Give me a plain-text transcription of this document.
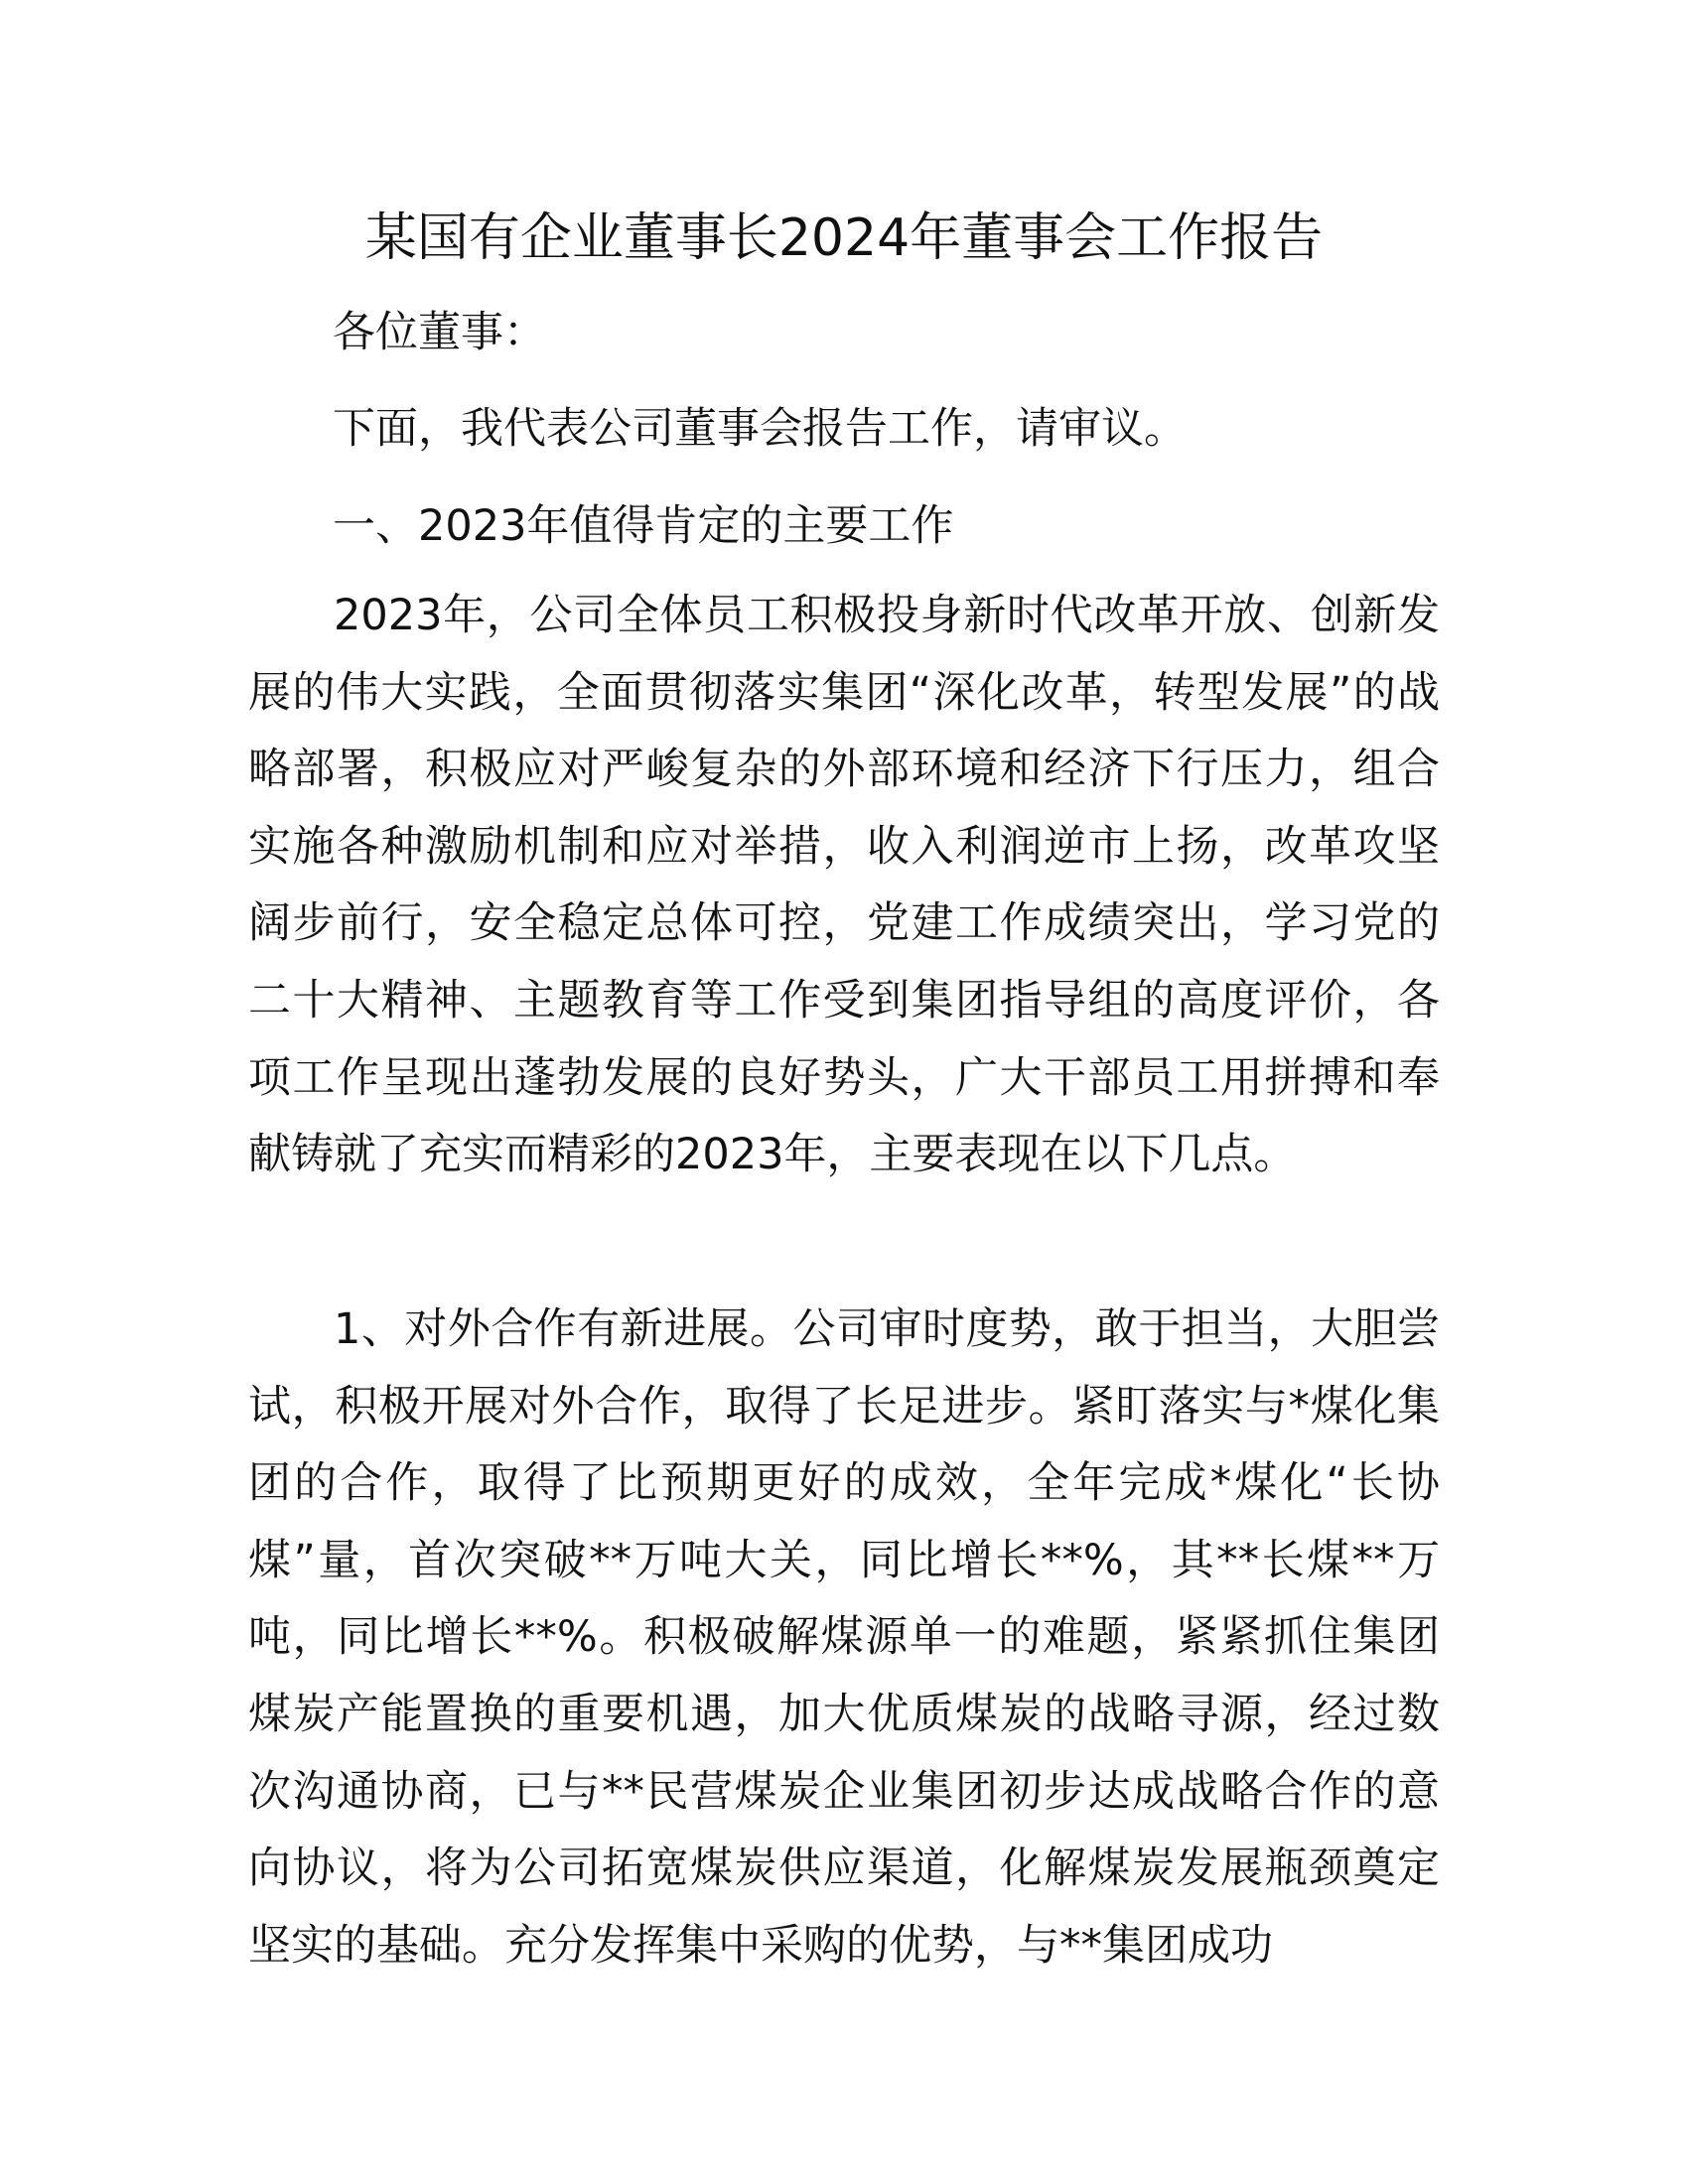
某国有企业董事长2024年董事会工作报告

各位董事：

下面，我代表公司董事会报告工作，请审议。

一、2023年值得肯定的主要工作

2023年，公司全体员工积极投身新时代改革开放、创新发展的伟大实践，全面贯彻落实集团“深化改革，转型发展”的战略部署，积极应对严峻复杂的外部环境和经济下行压力，组合实施各种激励机制和应对举措，收入利润逆市上扬，改革攻坚阔步前行，安全稳定总体可控，党建工作成绩突出，学习党的二十大精神、主题教育等工作受到集团指导组的高度评价，各项工作呈现出蓬勃发展的良好势头，广大干部员工用拼搏和奉献铸就了充实而精彩的2023年，主要表现在以下几点。

1、对外合作有新进展。公司审时度势，敢于担当，大胆尝试，积极开展对外合作，取得了长足进步。紧盯落实与*煤化集团的合作，取得了比预期更好的成效，全年完成*煤化“长协煤”量，首次突破**万吨大关，同比增长**%，其**长煤**万吨，同比增长**%。积极破解煤源单一的难题，紧紧抓住集团煤炭产能置换的重要机遇，加大优质煤炭的战略寻源，经过数次沟通协商，已与**民营煤炭企业集团初步达成战略合作的意向协议，将为公司拓宽煤炭供应渠道，化解煤炭发展瓶颈奠定坚实的基础。充分发挥集中采购的优势，与**集团成功
